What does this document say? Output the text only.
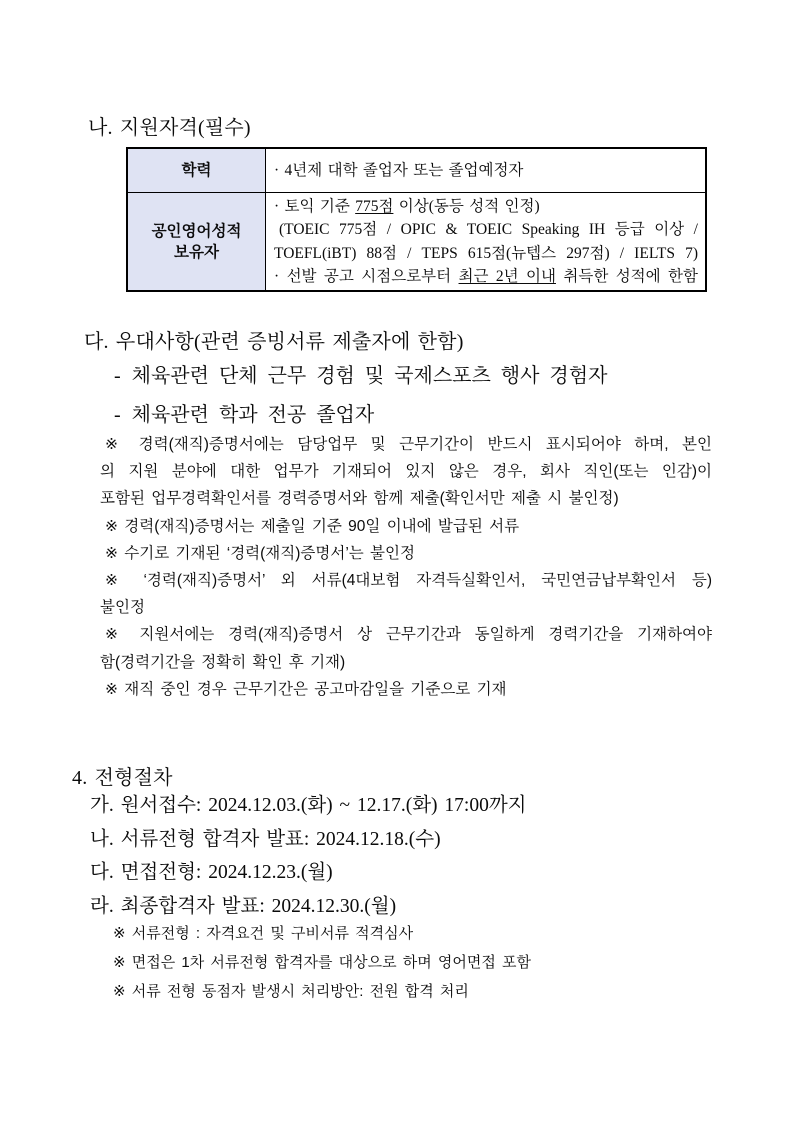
나. 지원자격(필수)
학력	· 4년제 대학 졸업자 또는 졸업예정자
공인영어성적
보유자
· 토익 기준 775점 이상(동등 성적 인정)
(TOEIC 775점 / OPIC & TOEIC Speaking IH 등급 이상 /
TOEFL(iBT) 88점 / TEPS 615점(뉴텝스 297점) / IELTS 7)
· 선발 공고 시점으로부터 최근 2년 이내 취득한 성적에 한함
다. 우대사항(관련 증빙서류 제출자에 한함)
- 체육관련 단체 근무 경험 및 국제스포츠 행사 경험자
- 체육관련 학과 전공 졸업자
※ 경력(재직)증명서에는 담당업무 및 근무기간이 반드시 표시되어야 하며, 본인
의 지원 분야에 대한 업무가 기재되어 있지 않은 경우, 회사 직인(또는 인감)이
포함된 업무경력확인서를 경력증명서와 함께 제출(확인서만 제출 시 불인정)
※ 경력(재직)증명서는 제출일 기준 90일 이내에 발급된 서류
※ 수기로 기재된 ‘경력(재직)증명서’는 불인정
※ ‘경력(재직)증명서’ 외 서류(4대보험 자격득실확인서, 국민연금납부확인서 등)
불인정
※ 지원서에는 경력(재직)증명서 상 근무기간과 동일하게 경력기간을 기재하여야
함(경력기간을 정확히 확인 후 기재)
※ 재직 중인 경우 근무기간은 공고마감일을 기준으로 기재
4. 전형절차
가. 원서접수: 2024.12.03.(화) ~ 12.17.(화) 17:00까지
나. 서류전형 합격자 발표: 2024.12.18.(수)
다. 면접전형: 2024.12.23.(월)
라. 최종합격자 발표: 2024.12.30.(월)
※ 서류전형 : 자격요건 및 구비서류 적격심사
※ 면접은 1차 서류전형 합격자를 대상으로 하며 영어면접 포함
※ 서류 전형 동점자 발생시 처리방안: 전원 합격 처리
